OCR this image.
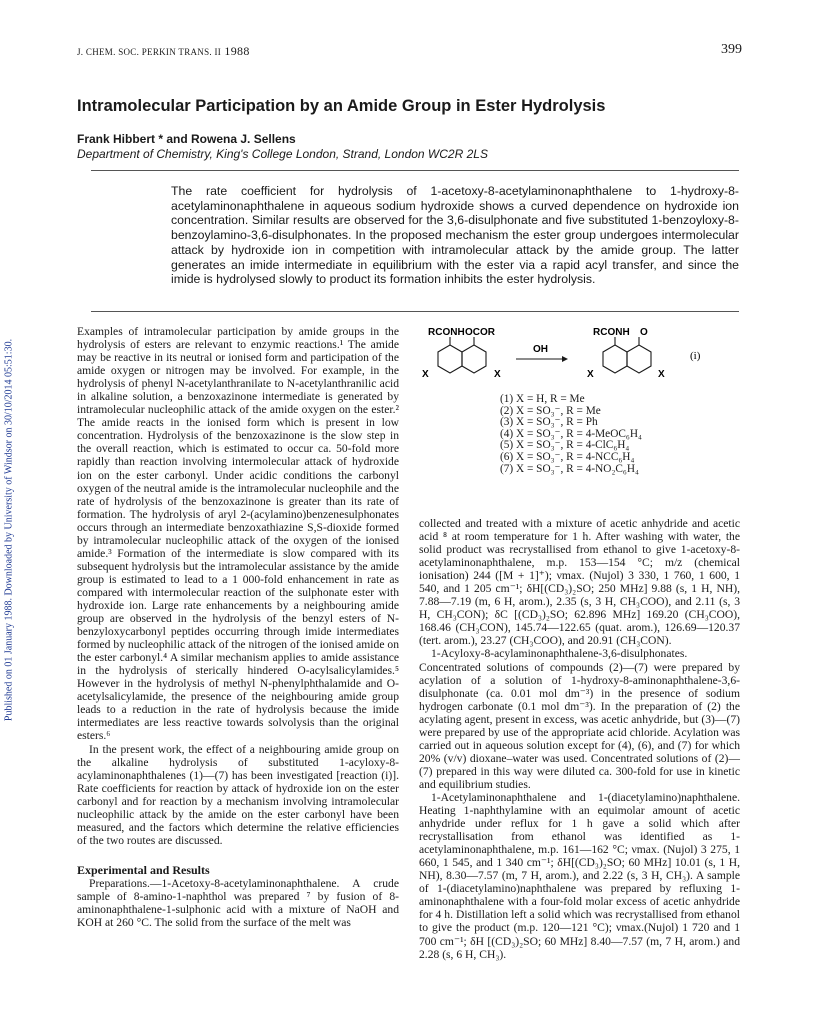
Published on 01 January 1988. Downloaded by University of Windsor on 30/10/2014 05:51:30.
J. CHEM. SOC. PERKIN TRANS. II 1988	399
Intramolecular Participation by an Amide Group in Ester Hydrolysis
Frank Hibbert * and Rowena J. Sellens
Department of Chemistry, King's College London, Strand, London WC2R 2LS

The rate coefficient for hydrolysis of 1-acetoxy-8-acetylaminonaphthalene to 1-hydroxy-8-acetylaminonaphthalene in aqueous sodium hydroxide shows a curved dependence on hydroxide ion concentration. Similar results are observed for the 3,6-disulphonate and five substituted 1-benzoyloxy-8-benzoylamino-3,6-disulphonates. In the proposed mechanism the ester group undergoes intermolecular attack by hydroxide ion in competition with intramolecular attack by the amide group. The latter generates an imide intermediate in equilibrium with the ester via a rapid acyl transfer, and since the imide is hydrolysed slowly to product its formation inhibits the ester hydrolysis.

Examples of intramolecular participation by amide groups in the hydrolysis of esters are relevant to enzymic reactions.¹ The amide may be reactive in its neutral or ionised form and participation of the amide oxygen or nitrogen may be involved. For example, in the hydrolysis of phenyl N-acetylanthranilate to N-acetylanthranilic acid in alkaline solution, a benzoxazinone intermediate is generated by intramolecular nucleophilic attack of the amide oxygen on the ester.² The amide reacts in the ionised form which is present in low concentration. Hydrolysis of the benzoxazinone is the slow step in the overall reaction, which is estimated to occur ca. 50-fold more rapidly than reaction involving intermolecular attack of hydroxide ion on the ester carbonyl. Under acidic conditions the carbonyl oxygen of the neutral amide is the intramolecular nucleophile and the rate of hydrolysis of the benzoxazinone is greater than its rate of formation. The hydrolysis of aryl 2-(acylamino)benzenesulphonates occurs through an intermediate benzoxathiazine S,S-dioxide formed by intramolecular nucleophilic attack of the oxygen of the ionised amide.³ Formation of the intermediate is slow compared with its subsequent hydrolysis but the intramolecular assistance by the amide group is estimated to lead to a 1 000-fold enhancement in rate as compared with intermolecular reaction of the sulphonate ester with hydroxide ion. Large rate enhancements by a neighbouring amide group are observed in the hydrolysis of the benzyl esters of N-benzyloxycarbonyl peptides occurring through imide intermediates formed by nucleophilic attack of the nitrogen of the ionised amide on the ester carbonyl.⁴ A similar mechanism applies to amide assistance in the hydrolysis of sterically hindered O-acylsalicylamides.⁵ However in the hydrolysis of methyl N-phenylphthalamide and O-acetylsalicylamide, the presence of the neighbouring amide group leads to a reduction in the rate of hydrolysis because the imide intermediates are less reactive towards solvolysis than the original esters.⁶

In the present work, the effect of a neighbouring amide group on the alkaline hydrolysis of substituted 1-acyloxy-8-acylaminonaphthalenes (1)—(7) has been investigated [reaction (i)]. Rate coefficients for reaction by attack of hydroxide ion on the ester carbonyl and for reaction by a mechanism involving intramolecular nucleophilic attack by the amide on the ester carbonyl have been measured, and the factors which determine the relative efficiencies of the two routes are discussed.

Experimental and Results

Preparations.—1-Acetoxy-8-acetylaminonaphthalene. A crude sample of 8-amino-1-naphthol was prepared ⁷ by fusion of 8-aminonaphthalene-1-sulphonic acid with a mixture of NaOH and KOH at 260 °C. The solid from the surface of the melt was

RCONH OCOR
X	X
OH
RCONH O
X	X
(i)
(1) X = H, R = Me
(2) X = SO₃⁻, R = Me
(3) X = SO₃⁻, R = Ph
(4) X = SO₃⁻, R = 4-MeOC₆H₄
(5) X = SO₃⁻, R = 4-ClC₆H₄
(6) X = SO₃⁻, R = 4-NCC₆H₄
(7) X = SO₃⁻, R = 4-NO₂C₆H₄

collected and treated with a mixture of acetic anhydride and acetic acid ⁸ at room temperature for 1 h. After washing with water, the solid product was recrystallised from ethanol to give 1-acetoxy-8-acetylaminonaphthalene, m.p. 153—154 °C; m/z (chemical ionisation) 244 ([M + 1]⁺); νmax. (Nujol) 3 330, 1 760, 1 600, 1 540, and 1 205 cm⁻¹; δH[(CD₃)₂SO; 250 MHz] 9.88 (s, 1 H, NH), 7.88—7.19 (m, 6 H, arom.), 2.35 (s, 3 H, CH₃COO), and 2.11 (s, 3 H, CH₃CON); δC [(CD₃)₂SO; 62.896 MHz] 169.20 (CH₃COO), 168.46 (CH₃CON), 145.74—122.65 (quat. arom.), 126.69—120.37 (tert. arom.), 23.27 (CH₃COO), and 20.91 (CH₃CON).

1-Acyloxy-8-acylaminonaphthalene-3,6-disulphonates. Concentrated solutions of compounds (2)—(7) were prepared by acylation of a solution of 1-hydroxy-8-aminonaphthalene-3,6-disulphonate (ca. 0.01 mol dm⁻³) in the presence of sodium hydrogen carbonate (0.1 mol dm⁻³). In the preparation of (2) the acylating agent, present in excess, was acetic anhydride, but (3)—(7) were prepared by use of the appropriate acid chloride. Acylation was carried out in aqueous solution except for (4), (6), and (7) for which 20% (v/v) dioxane–water was used. Concentrated solutions of (2)—(7) prepared in this way were diluted ca. 300-fold for use in kinetic and equilibrium studies.

1-Acetylaminonaphthalene and 1-(diacetylamino)naphthalene. Heating 1-naphthylamine with an equimolar amount of acetic anhydride under reflux for 1 h gave a solid which after recrystallisation from ethanol was identified as 1-acetylaminonaphthalene, m.p. 161—162 °C; νmax. (Nujol) 3 275, 1 660, 1 545, and 1 340 cm⁻¹; δH[(CD₃)₂SO; 60 MHz] 10.01 (s, 1 H, NH), 8.30—7.57 (m, 7 H, arom.), and 2.22 (s, 3 H, CH₃). A sample of 1-(diacetylamino)naphthalene was prepared by refluxing 1-aminonaphthalene with a four-fold molar excess of acetic anhydride for 4 h. Distillation left a solid which was recrystallised from ethanol to give the product (m.p. 120—121 °C); νmax.(Nujol) 1 720 and 1 700 cm⁻¹; δH [(CD₃)₂SO; 60 MHz] 8.40—7.57 (m, 7 H, arom.) and 2.28 (s, 6 H, CH₃).
